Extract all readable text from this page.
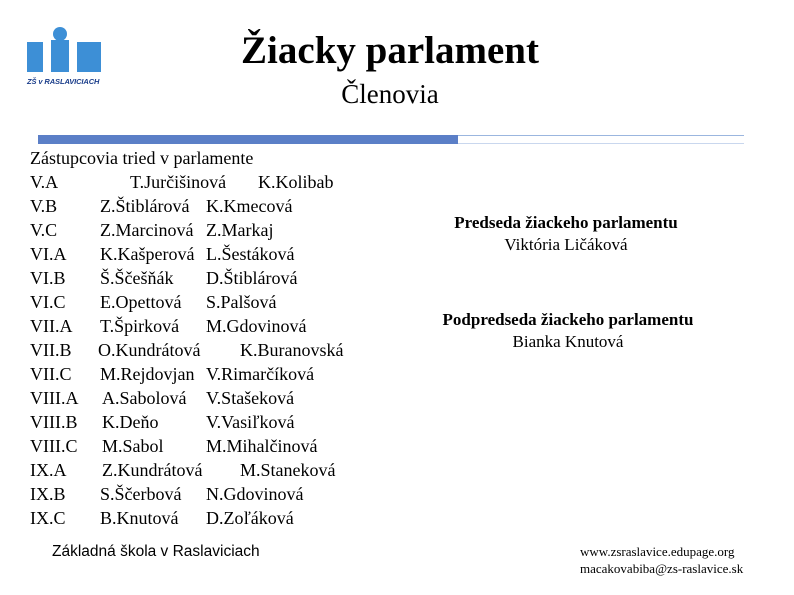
ZŠ v RASLAVICIACH
Žiacky parlament
Členovia
Zástupcovia tried v parlamente
V.A	T.Jurčišinová K.Kolibab
V.B Z.Štiblárová K.Kmecová
V.C Z.Marcinová Z.Markaj
VI.A K.Kašperová L.Šestáková
VI.B Š.Ščešňák D.Štiblárová
VI.C E.Opettová S.Palšová
VII.A T.Špirková M.Gdovinová
VII.B O.Kundrátová K.Buranovská
VII.C M.Rejdovjan V.Rimarčíková
VIII.A A.Sabolová V.Stašeková
VIII.B K.Deňo	V.Vasiľková
VIII.C M.Sabol M.Mihalčinová
IX.A Z.Kundrátová M.Staneková
IX.B S.Ščerbová N.Gdovinová
IX.C B.Knutová D.Zoľáková
Predseda žiackeho parlamentu
Viktória Ličáková
Podpredseda žiackeho parlamentu
Bianka Knutová
Základná škola v Raslaviciach	www.zsraslavice.edupage.org
macakovabiba@zs-raslavice.sk
